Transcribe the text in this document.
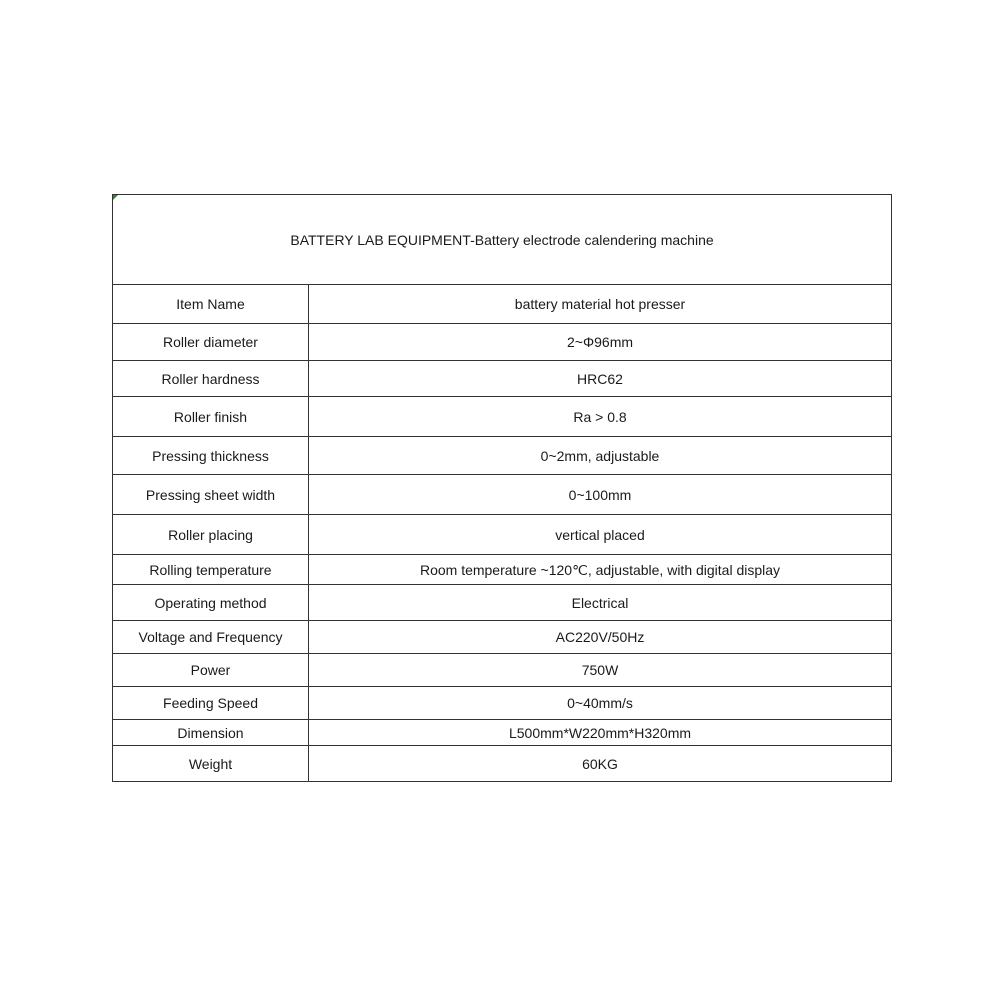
BATTERY LAB EQUIPMENT-Battery electrode calendering machine	
Item Name	battery material hot presser
Roller diameter	2~Φ96mm
Roller hardness	HRC62
Roller finish	Ra > 0.8
Pressing thickness	0~2mm, adjustable
Pressing sheet width	0~100mm
Roller placing	vertical placed
Rolling temperature	Room temperature ~120℃, adjustable, with digital display
Operating method	Electrical
Voltage and Frequency	AC220V/50Hz
Power	750W
Feeding Speed	0~40mm/s
Dimension	L500mm*W220mm*H320mm
Weight	60KG
